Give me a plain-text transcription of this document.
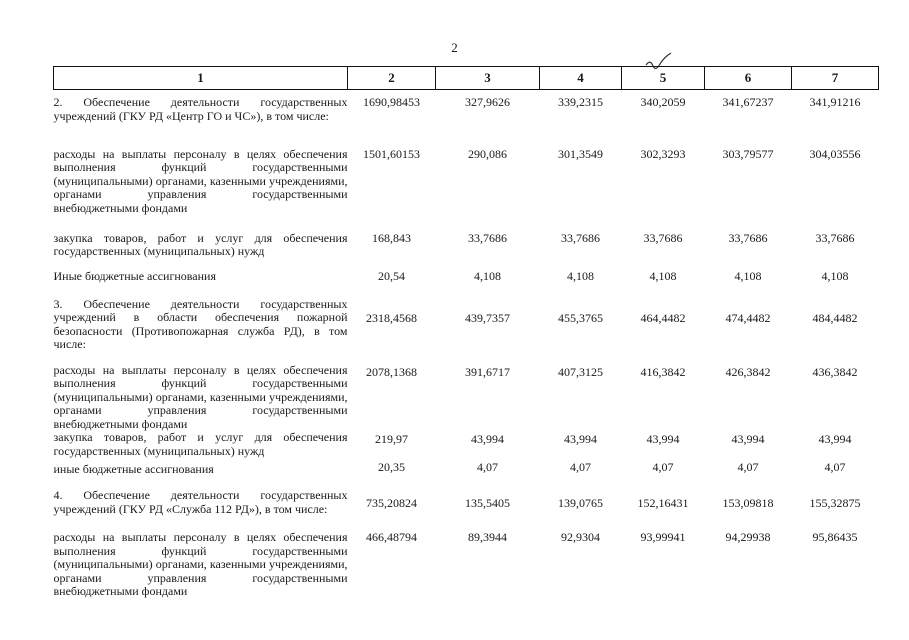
2
1	2	3	4	5	6	7
2. Обеспечение деятельности государственных учреждений (ГКУ РД «Центр ГО и ЧС»), в том числе:	1690,98453	327,9626	339,2315	340,2059	341,67237	341,91216
расходы на выплаты персоналу в целях обеспечения выполнения функций государственными (муниципальными) органами, казенными учреждениями, органами управления государственными внебюджетными фондами	1501,60153	290,086	301,3549	302,3293	303,79577	304,03556
закупка товаров, работ и услуг для обеспечения государственных (муниципальных) нужд	168,843	33,7686	33,7686	33,7686	33,7686	33,7686
Иные бюджетные ассигнования	20,54	4,108	4,108	4,108	4,108	4,108
3. Обеспечение деятельности государственных учреждений в области обеспечения пожарной безопасности (Противопожарная служба РД), в том числе:	2318,4568	439,7357	455,3765	464,4482	474,4482	484,4482
расходы на выплаты персоналу в целях обеспечения выполнения функций государственными (муниципальными) органами, казенными учреждениями, органами управления государственными внебюджетными фондами	2078,1368	391,6717	407,3125	416,3842	426,3842	436,3842
закупка товаров, работ и услуг для обеспечения государственных (муниципальных) нужд	219,97	43,994	43,994	43,994	43,994	43,994
иные бюджетные ассигнования	20,35	4,07	4,07	4,07	4,07	4,07
4. Обеспечение деятельности государственных учреждений (ГКУ РД «Служба 112 РД»), в том числе:	735,20824	135,5405	139,0765	152,16431	153,09818	155,32875
расходы на выплаты персоналу в целях обеспечения выполнения функций государственными (муниципальными) органами, казенными учреждениями, органами управления государственными внебюджетными фондами	466,48794	89,3944	92,9304	93,99941	94,29938	95,86435
